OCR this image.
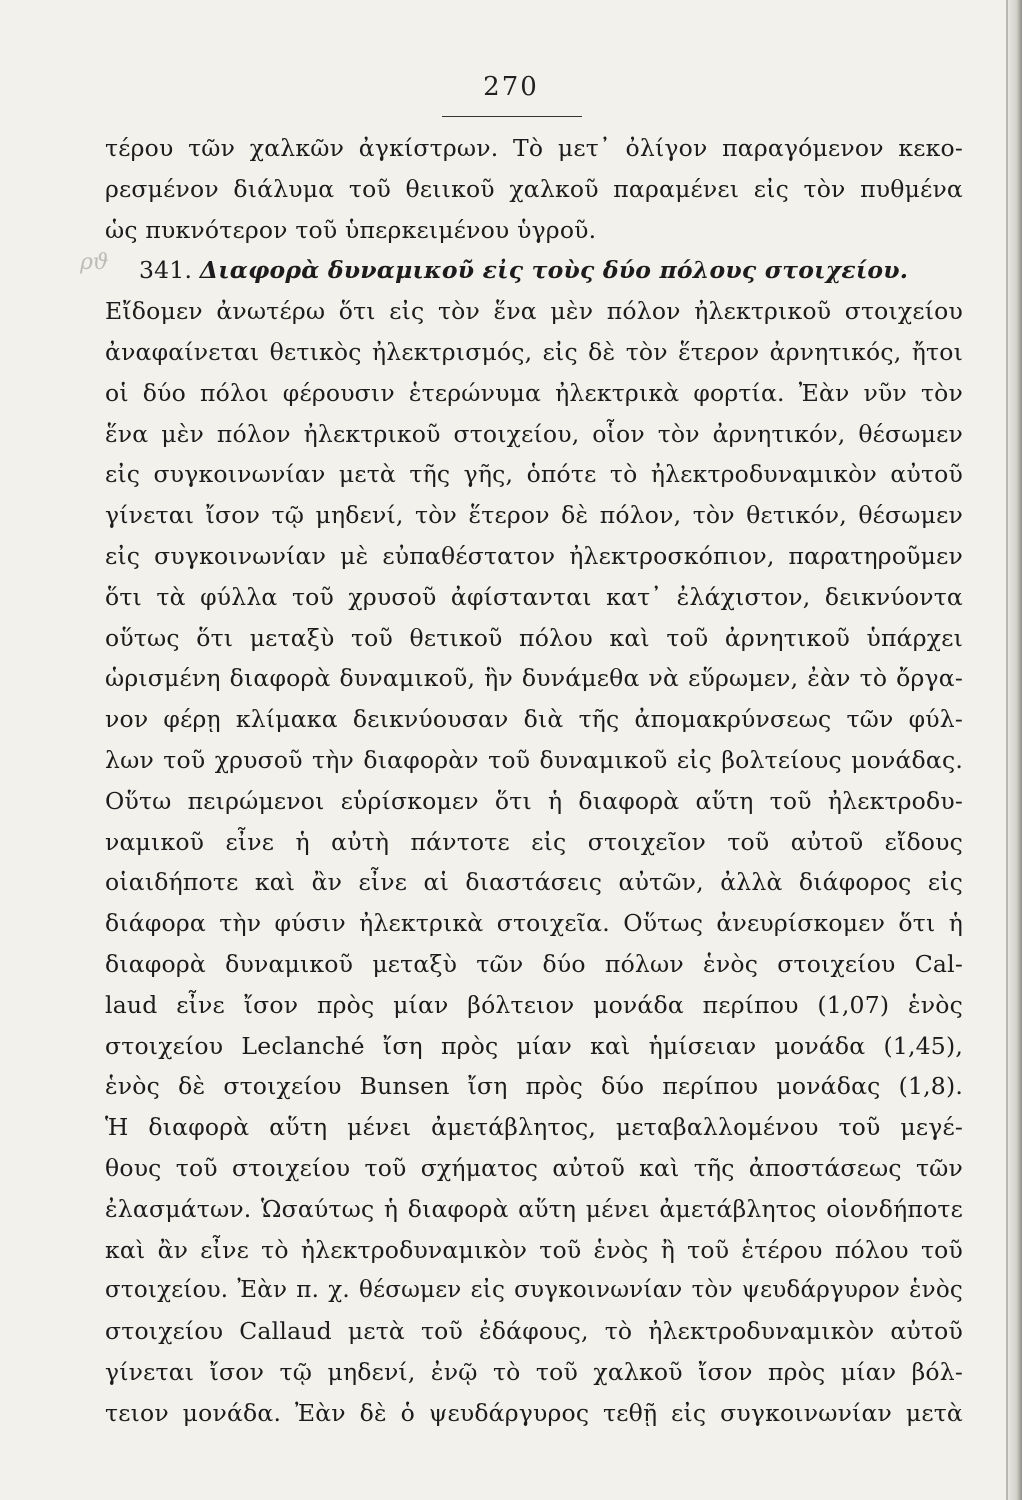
270
ρϑ
τέρου τῶν χαλκῶν ἀγκίστρων. Τὸ μετ᾽ ὀλίγον παραγόμενον κεκο-
ρεσμένον διάλυμα τοῦ θειικοῦ χαλκοῦ παραμένει εἰς τὸν πυθμένα
ὡς πυκνότερον τοῦ ὑπερκειμένου ὑγροῦ.
341. Διαφορὰ δυναμικοῦ εἰς τοὺς δύο πόλους στοιχείου.
Εἴδομεν ἀνωτέρω ὅτι εἰς τὸν ἕνα μὲν πόλον ἠλεκτρικοῦ στοιχείου
ἀναφαίνεται θετικὸς ἠλεκτρισμός, εἰς δὲ τὸν ἕτερον ἀρνητικός, ἤτοι
οἱ δύο πόλοι φέρουσιν ἑτερώνυμα ἠλεκτρικὰ φορτία. Ἐὰν νῦν τὸν
ἕνα μὲν πόλον ἠλεκτρικοῦ στοιχείου, οἷον τὸν ἀρνητικόν, θέσωμεν
εἰς συγκοινωνίαν μετὰ τῆς γῆς, ὁπότε τὸ ἠλεκτροδυναμικὸν αὐτοῦ
γίνεται ἴσον τῷ μηδενί, τὸν ἕτερον δὲ πόλον, τὸν θετικόν, θέσωμεν
εἰς συγκοινωνίαν μὲ εὐπαθέστατον ἠλεκτροσκόπιον, παρατηροῦμεν
ὅτι τὰ φύλλα τοῦ χρυσοῦ ἀφίστανται κατ᾽ ἐλάχιστον, δεικνύοντα
οὕτως ὅτι μεταξὺ τοῦ θετικοῦ πόλου καὶ τοῦ ἀρνητικοῦ ὑπάρχει
ὡρισμένη διαφορὰ δυναμικοῦ, ἣν δυνάμεθα νὰ εὕρωμεν, ἐὰν τὸ ὄργα-
νον φέρῃ κλίμακα δεικνύουσαν διὰ τῆς ἀπομακρύνσεως τῶν φύλ-
λων τοῦ χρυσοῦ τὴν διαφορὰν τοῦ δυναμικοῦ εἰς βολτείους μονάδας.
Οὕτω πειρώμενοι εὑρίσκομεν ὅτι ἡ διαφορὰ αὕτη τοῦ ἠλεκτροδυ-
ναμικοῦ εἶνε ἡ αὐτὴ πάντοτε εἰς στοιχεῖον τοῦ αὐτοῦ εἴδους
οἱαιδήποτε καὶ ἂν εἶνε αἱ διαστάσεις αὐτῶν, ἀλλὰ διάφορος εἰς
διάφορα τὴν φύσιν ἠλεκτρικὰ στοιχεῖα. Οὕτως ἀνευρίσκομεν ὅτι ἡ
διαφορὰ δυναμικοῦ μεταξὺ τῶν δύο πόλων ἑνὸς στοιχείου Cal-
laud εἶνε ἴσον πρὸς μίαν βόλτειον μονάδα περίπου (1,07) ἑνὸς
στοιχείου Leclanché ἴση πρὸς μίαν καὶ ἡμίσειαν μονάδα (1,45),
ἑνὸς δὲ στοιχείου Bunsen ἴση πρὸς δύο περίπου μονάδας (1,8).
Ἡ διαφορὰ αὕτη μένει ἀμετάβλητος, μεταβαλλομένου τοῦ μεγέ-
θους τοῦ στοιχείου τοῦ σχήματος αὐτοῦ καὶ τῆς ἀποστάσεως τῶν
ἐλασμάτων. Ὡσαύτως ἡ διαφορὰ αὕτη μένει ἀμετάβλητος οἱονδήποτε
καὶ ἂν εἶνε τὸ ἠλεκτροδυναμικὸν τοῦ ἑνὸς ἢ τοῦ ἑτέρου πόλου τοῦ
στοιχείου. Ἐὰν π. χ. θέσωμεν εἰς συγκοινωνίαν τὸν ψευδάργυρον ἑνὸς
στοιχείου Callaud μετὰ τοῦ ἐδάφους, τὸ ἠλεκτροδυναμικὸν αὐτοῦ
γίνεται ἴσον τῷ μηδενί, ἐνῷ τὸ τοῦ χαλκοῦ ἴσον πρὸς μίαν βόλ-
τειον μονάδα. Ἐὰν δὲ ὁ ψευδάργυρος τεθῇ εἰς συγκοινωνίαν μετὰ
